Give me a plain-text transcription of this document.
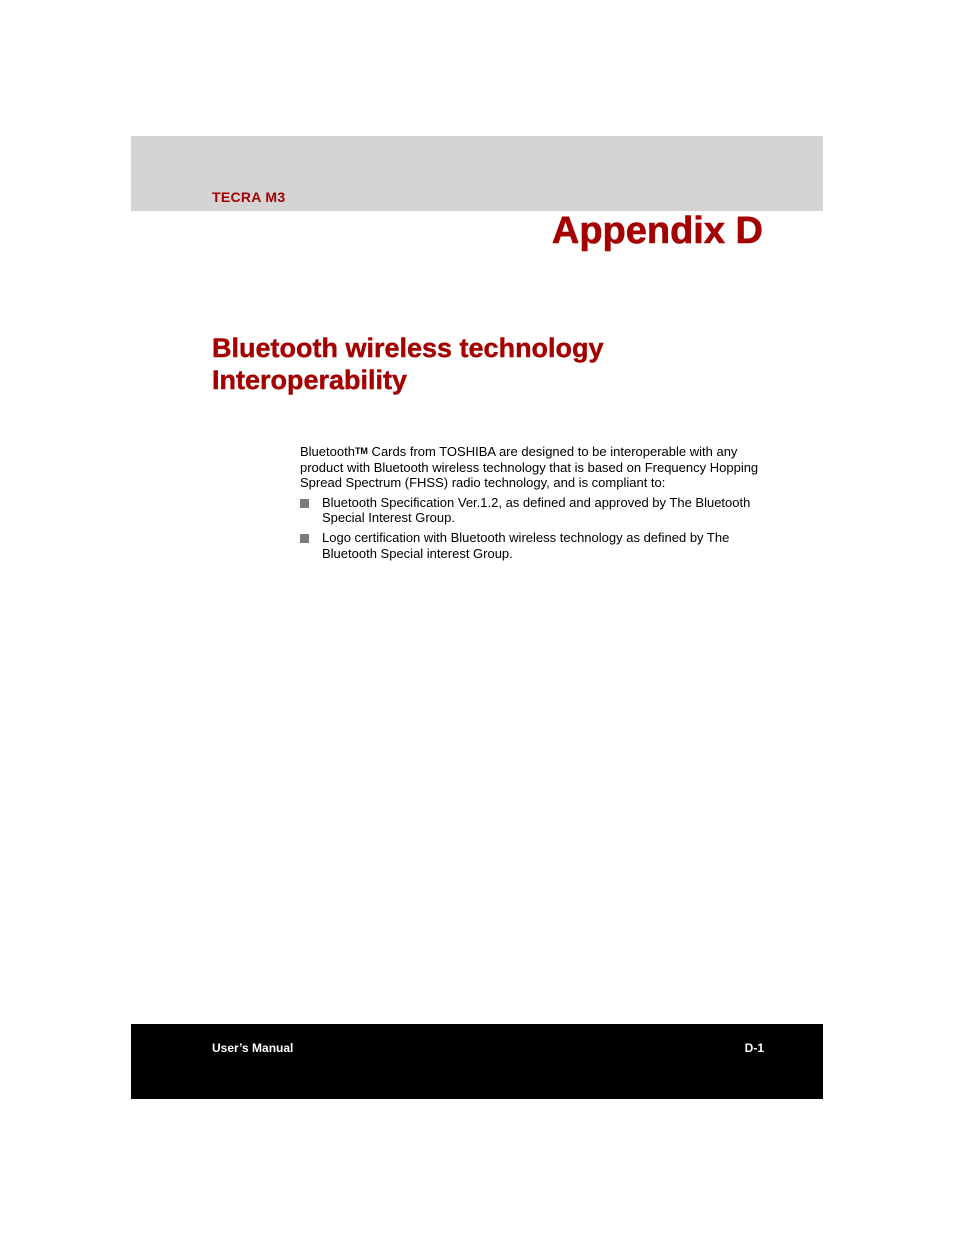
TECRA M3
Appendix D
Bluetooth wireless technology
Interoperability

BluetoothTM Cards from TOSHIBA are designed to be interoperable with any product with Bluetooth wireless technology that is based on Frequency Hopping Spread Spectrum (FHSS) radio technology, and is compliant to:

Bluetooth Specification Ver.1.2, as defined and approved by The Bluetooth Special Interest Group.
Logo certification with Bluetooth wireless technology as defined by The Bluetooth Special interest Group.
User’s Manual	D-1
